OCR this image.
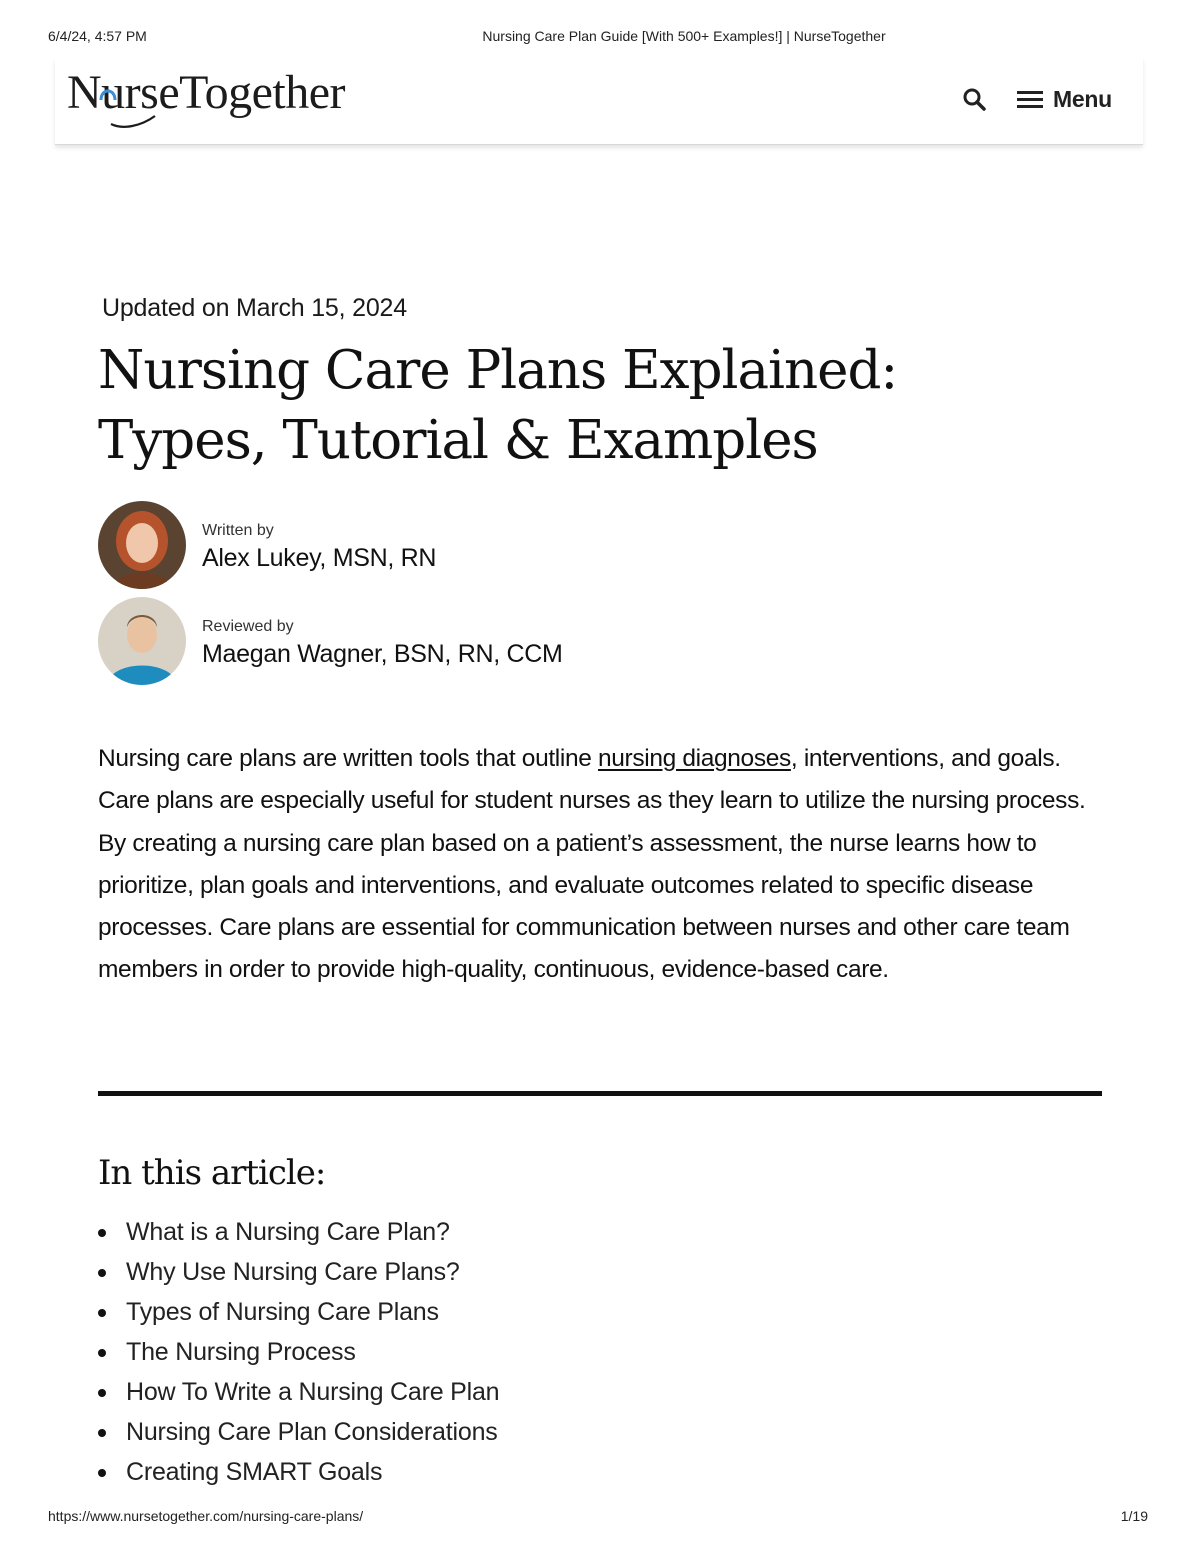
6/4/24, 4:57 PM	Nursing Care Plan Guide [With 500+ Examples!] | NurseTogether
NurseTogether	Menu
Updated on March 15, 2024
Nursing Care Plans Explained:
Types, Tutorial & Examples
Written by
Alex Lukey, MSN, RN
Reviewed by
Maegan Wagner, BSN, RN, CCM

Nursing care plans are written tools that outline nursing diagnoses, interventions, and goals. Care plans are especially useful for student nurses as they learn to utilize the nursing process. By creating a nursing care plan based on a patient’s assessment, the nurse learns how to prioritize, plan goals and interventions, and evaluate outcomes related to specific disease processes. Care plans are essential for communication between nurses and other care team members in order to provide high-quality, continuous, evidence-based care.

In this article:
What is a Nursing Care Plan?
Why Use Nursing Care Plans?
Types of Nursing Care Plans
The Nursing Process
How To Write a Nursing Care Plan
Nursing Care Plan Considerations
Creating SMART Goals
https://www.nursetogether.com/nursing-care-plans/	1/19
